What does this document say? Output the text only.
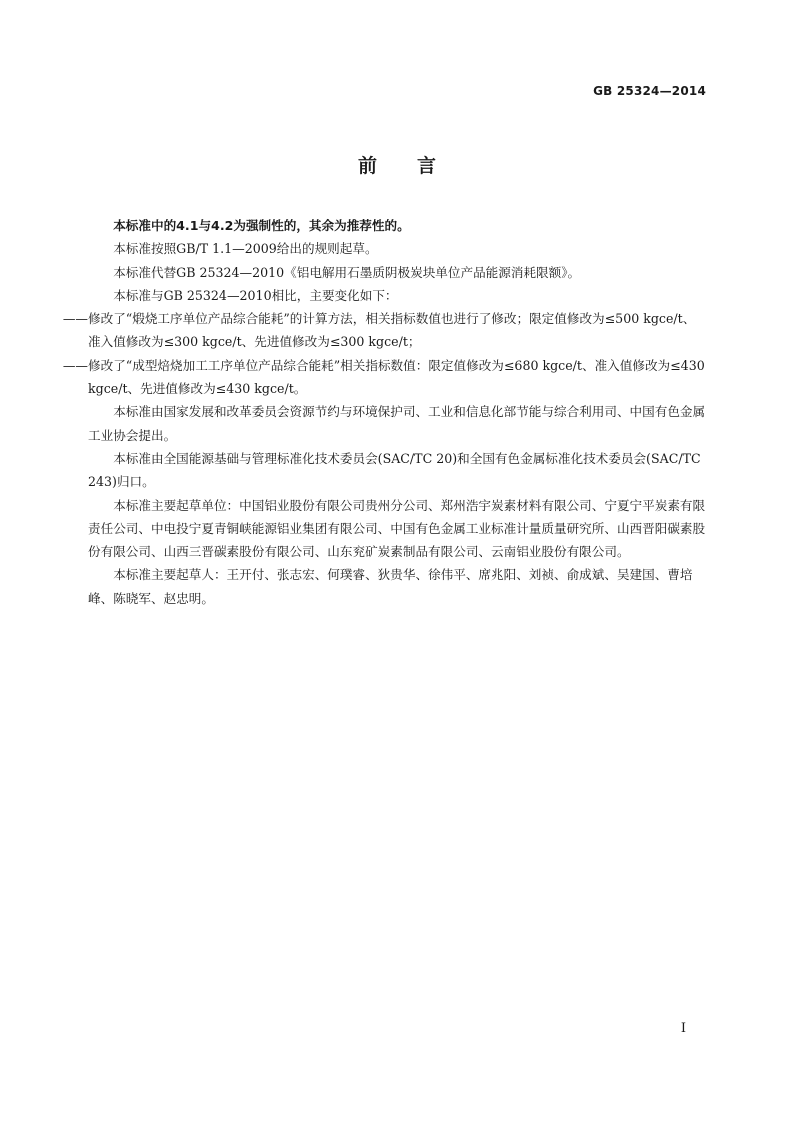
GB 25324—2014
前言

本标准中的4.1与4.2为强制性的，其余为推荐性的。

本标准按照GB/T 1.1—2009给出的规则起草。

本标准代替GB 25324—2010《铝电解用石墨质阴极炭块单位产品能源消耗限额》。

本标准与GB 25324—2010相比，主要变化如下：

——修改了“煅烧工序单位产品综合能耗”的计算方法，相关指标数值也进行了修改；限定值修改为≤500 kgce/t、准入值修改为≤300 kgce/t、先进值修改为≤300 kgce/t；

——修改了“成型焙烧加工工序单位产品综合能耗”相关指标数值：限定值修改为≤680 kgce/t、准入值修改为≤430 kgce/t、先进值修改为≤430 kgce/t。

本标准由国家发展和改革委员会资源节约与环境保护司、工业和信息化部节能与综合利用司、中国有色金属工业协会提出。

本标准由全国能源基础与管理标准化技术委员会(SAC/TC 20)和全国有色金属标准化技术委员会(SAC/TC 243)归口。

本标准主要起草单位：中国铝业股份有限公司贵州分公司、郑州浩宇炭素材料有限公司、宁夏宁平炭素有限责任公司、中电投宁夏青铜峡能源铝业集团有限公司、中国有色金属工业标准计量质量研究所、山西晋阳碳素股份有限公司、山西三晋碳素股份有限公司、山东兖矿炭素制品有限公司、云南铝业股份有限公司。

本标准主要起草人：王开付、张志宏、何璞睿、狄贵华、徐伟平、席兆阳、刘祯、俞成斌、吴建国、曹培峰、陈晓军、赵忠明。

I
